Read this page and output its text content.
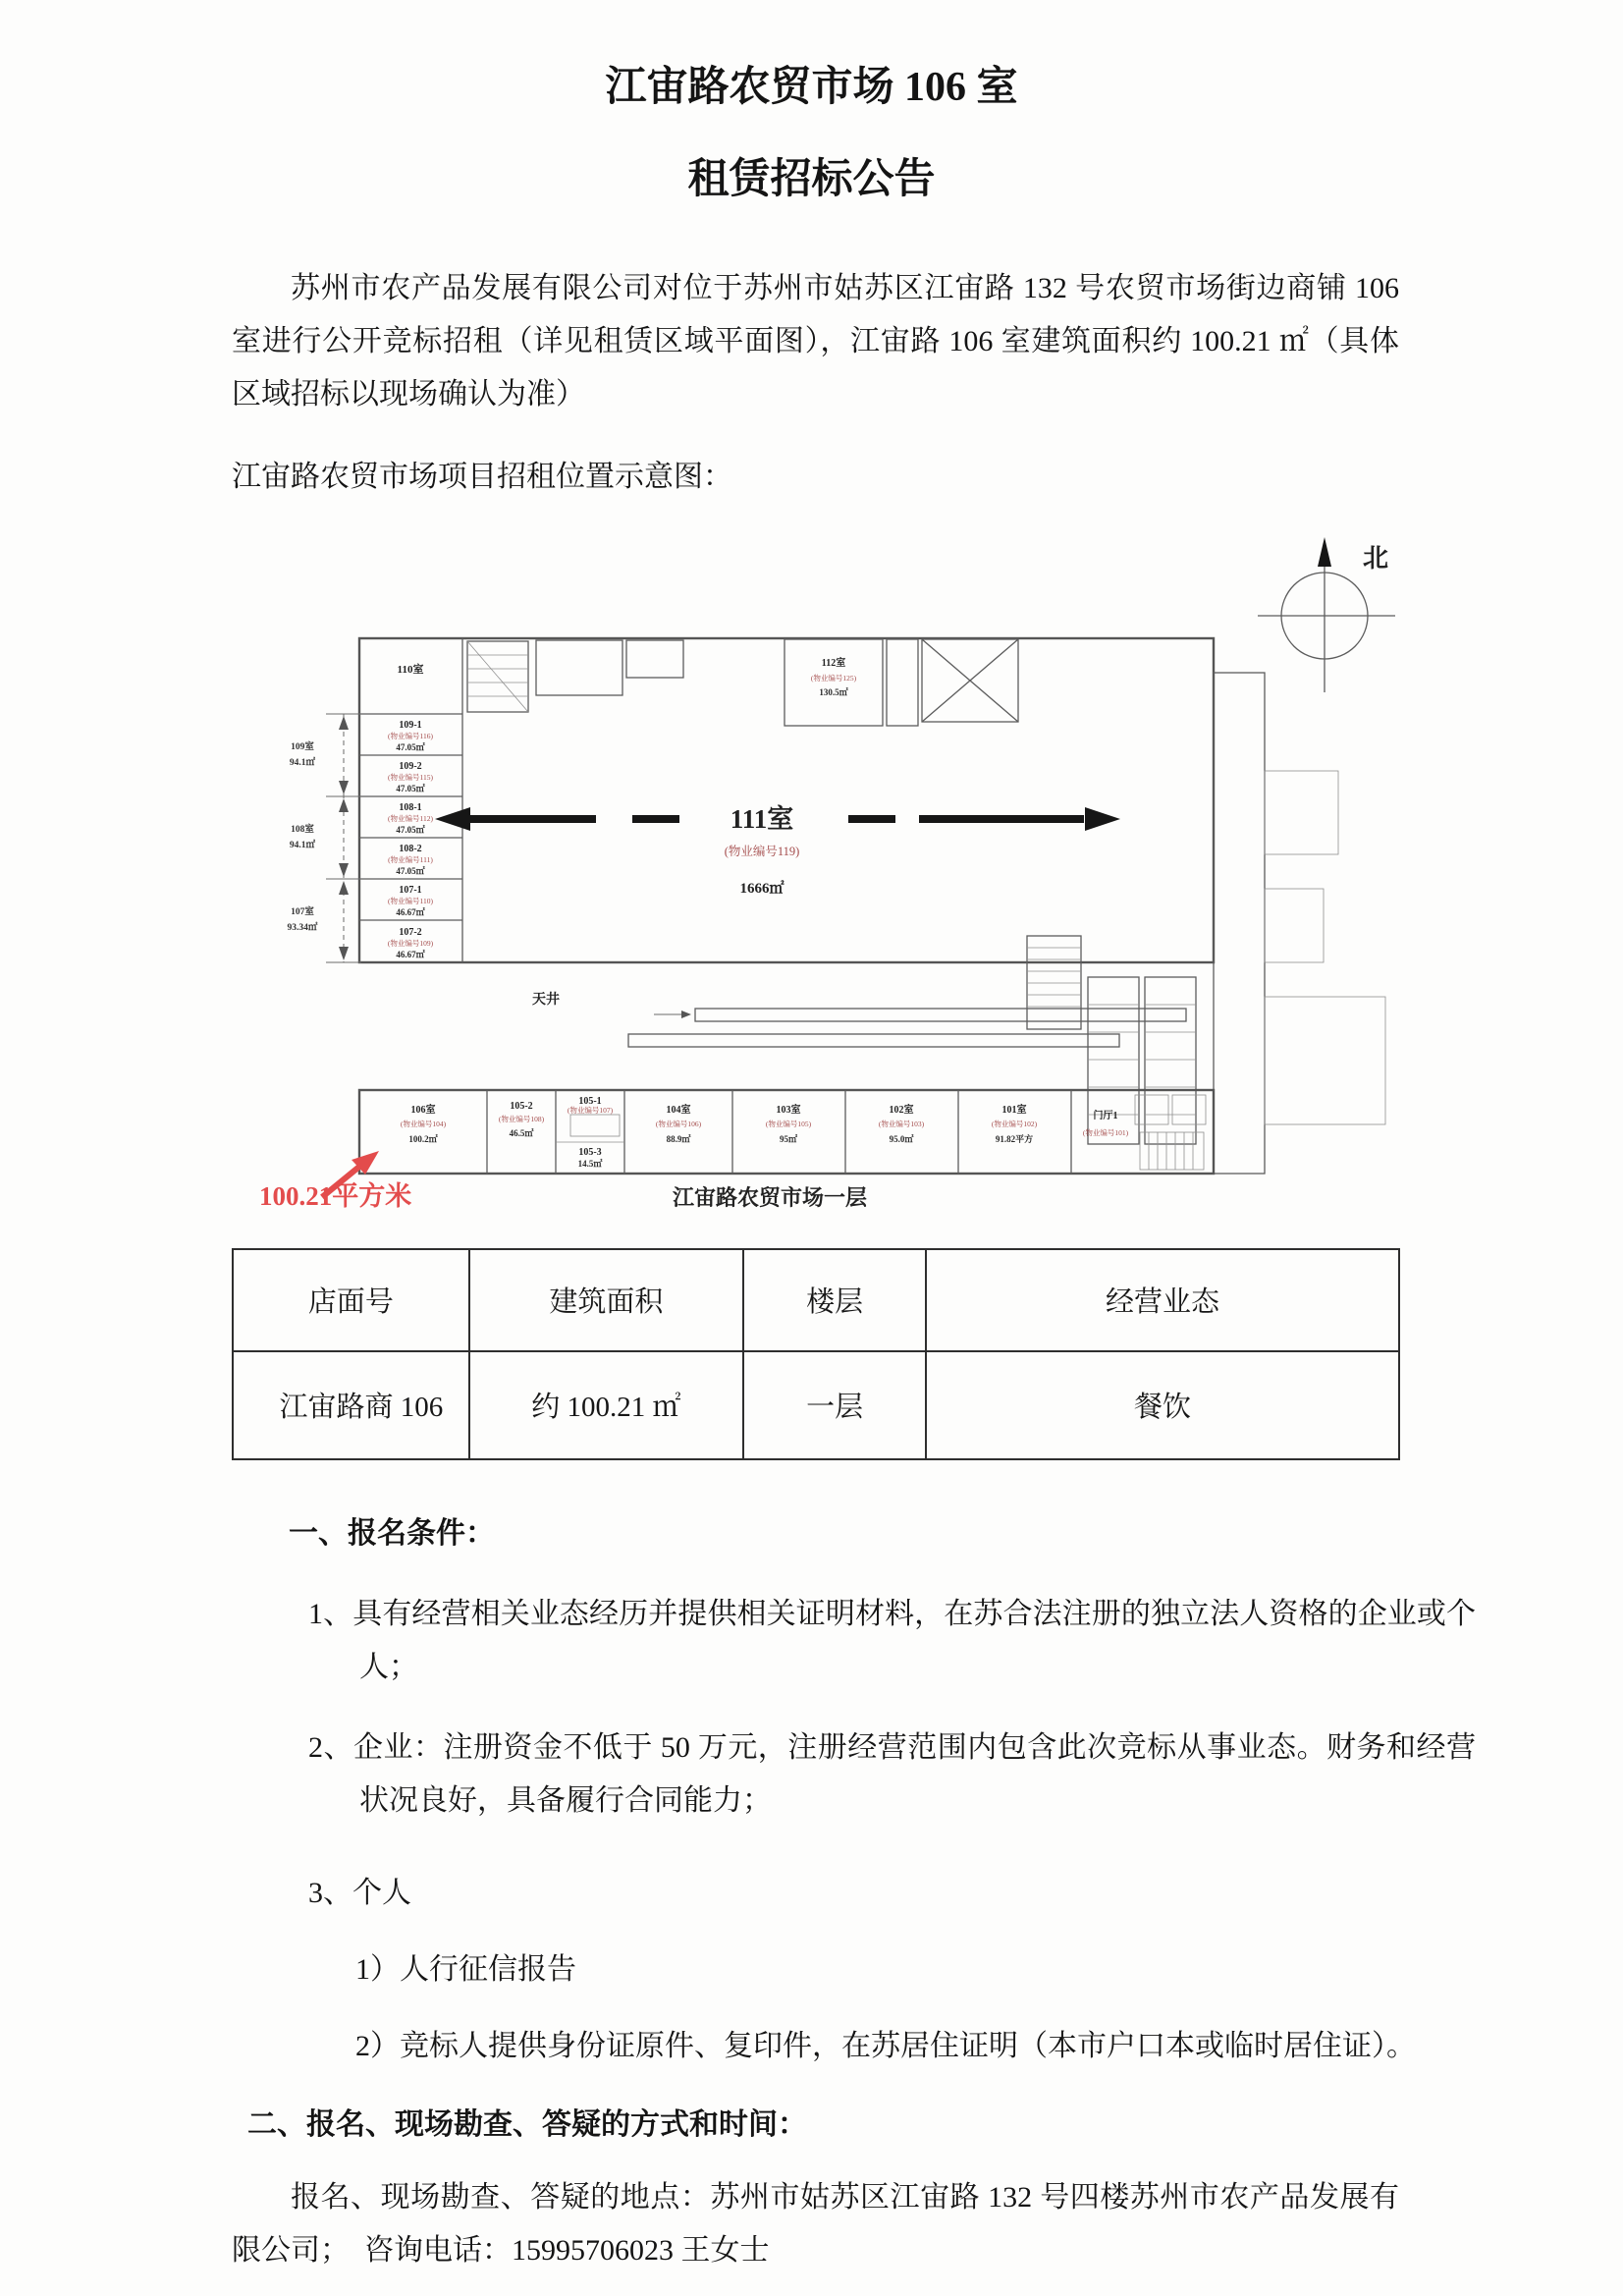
江宙路农贸市场 106 室
租赁招标公告

苏州市农产品发展有限公司对位于苏州市姑苏区江宙路 132 号农贸市场街边商铺 106 室进行公开竞标招租（详见租赁区域平面图），江宙路 106 室建筑面积约 100.21 ㎡（具体区域招标以现场确认为准）

江宙路农贸市场项目招租位置示意图：

北
111室
(物业编号119)
1666㎡
110室
112室
(物业编号125)
130.5㎡
109-1
(物业编号116)
47.05㎡
109-2
(物业编号115)
47.05㎡
108-1
(物业编号112)
47.05㎡
108-2
(物业编号111)
47.05㎡
107-1
(物业编号110)
46.67㎡
107-2
(物业编号109)
46.67㎡
109室
94.1㎡
108室
94.1㎡
107室
93.34㎡
天井
106室
(物业编号104)
100.2㎡
105-2
(物业编号108)
46.5㎡
105-1
(物业编号107)
105-3
14.5㎡
104室
(物业编号106)
88.9㎡
103室
(物业编号105)
95㎡
102室
(物业编号103)
95.0㎡
101室
(物业编号102)
91.82平方
门厅1
(物业编号101)
100.21平方米	江宙路农贸市场一层
店面号	建筑面积	楼层	经营业态
江宙路商 106	约 100.21 ㎡	一层	餐饮
一、报名条件：

1、具有经营相关业态经历并提供相关证明材料，在苏合法注册的独立法人资格的企业或个人；

2、企业：注册资金不低于 50 万元，注册经营范围内包含此次竞标从事业态。财务和经营状况良好，具备履行合同能力；

3、个人

1）人行征信报告

2）竞标人提供身份证原件、复印件，在苏居住证明（本市户口本或临时居住证）。

二、报名、现场勘查、答疑的方式和时间：

报名、现场勘查、答疑的地点：苏州市姑苏区江宙路 132 号四楼苏州市农产品发展有限公司；　咨询电话：15995706023 王女士
